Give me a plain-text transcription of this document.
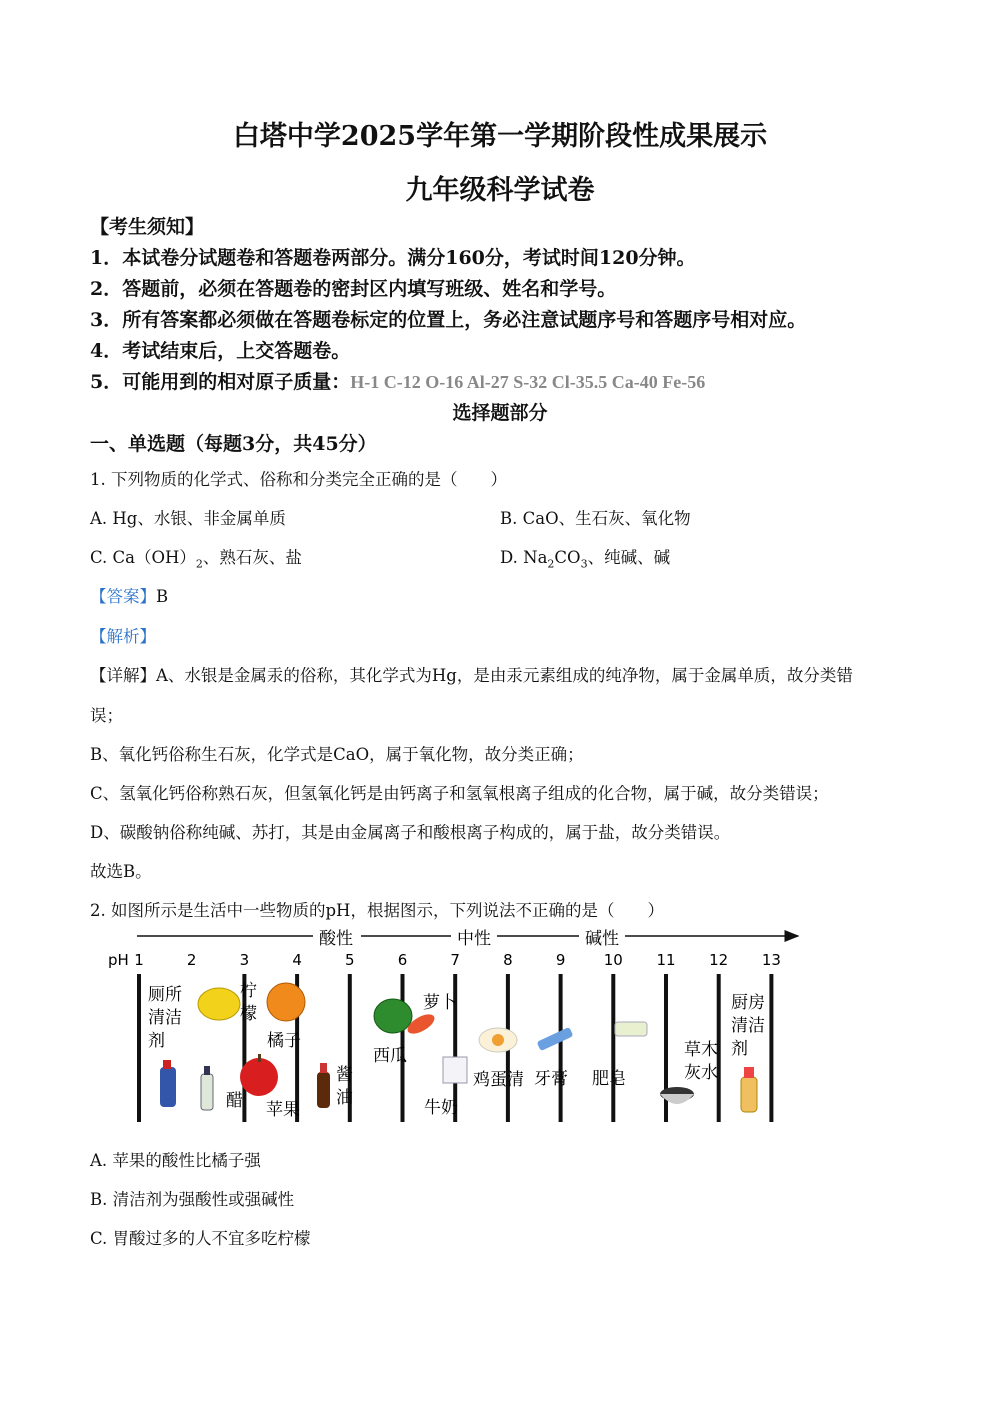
白塔中学2025学年第一学期阶段性成果展示
九年级科学试卷
【考生须知】
1．本试卷分试题卷和答题卷两部分。满分160分，考试时间120分钟。
2．答题前，必须在答题卷的密封区内填写班级、姓名和学号。
3．所有答案都必须做在答题卷标定的位置上，务必注意试题序号和答题序号相对应。
4．考试结束后，上交答题卷。
5．可能用到的相对原子质量：H-1 C-12 O-16 Al-27 S-32 Cl-35.5 Ca-40 Fe-56
选择题部分
一、单选题（每题3分，共45分）
1. 下列物质的化学式、俗称和分类完全正确的是（　　）
A. Hg、水银、非金属单质	B. CaO、生石灰、氧化物
C. $Ca(OH)_2$、熟石灰、盐	D. $Na_2CO_3$、纯碱、碱
【答案】B
【解析】
【详解】A、水银是金属汞的俗称，其化学式为Hg，是由汞元素组成的纯净物，属于金属单质，故分类错
误；
B、氧化钙俗称生石灰，化学式是CaO，属于氧化物，故分类正确；
C、氢氧化钙俗称熟石灰，但氢氧化钙是由钙离子和氢氧根离子组成的化合物，属于碱，故分类错误；
D、碳酸钠俗称纯碱、苏打，其是由金属离子和酸根离子构成的，属于盐，故分类错误。
故选B。
2. 如图所示是生活中一些物质的pH，根据图示，下列说法不正确的是（　　）
酸性	中性	碱性
pH 1	2	3	4	5	6	7	8	9	10 11 12 13
厕所清洁剂
柠檬
醋
橘子
苹果
酱油
西瓜
萝卜
牛奶
鸡蛋清 牙膏 肥皂
草木灰水
厨房清洁剂
A. 苹果的酸性比橘子强
B. 清洁剂为强酸性或强碱性
C. 胃酸过多的人不宜多吃柠檬
